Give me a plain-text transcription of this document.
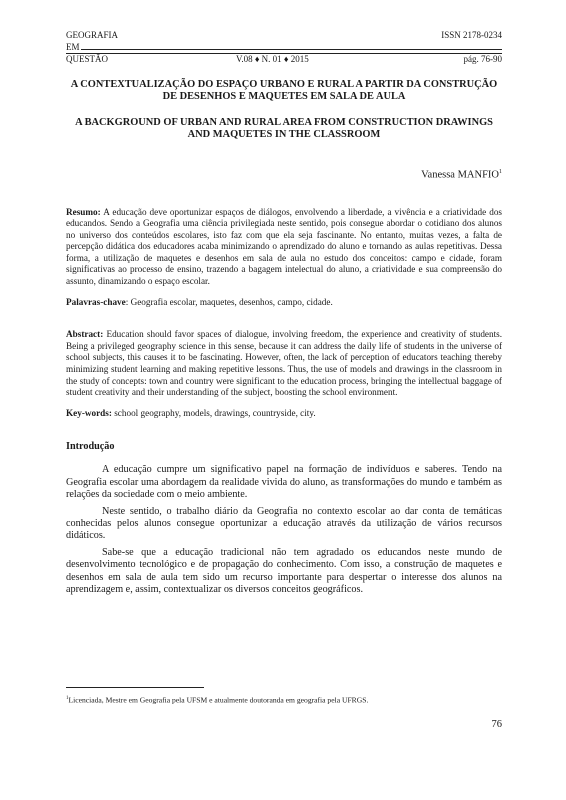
GEOGRAFIA	ISSN 2178-0234
EM
QUESTÃO	V.08 ♦ N. 01 ♦ 2015	pág. 76-90
A CONTEXTUALIZAÇÃO DO ESPAÇO URBANO E RURAL A PARTIR DA CONSTRUÇÃO DE DESENHOS E MAQUETES EM SALA DE AULA
A BACKGROUND OF URBAN AND RURAL AREA FROM CONSTRUCTION DRAWINGS AND MAQUETES IN THE CLASSROOM
Vanessa MANFIO$^1$
Resumo: A educação deve oportunizar espaços de diálogos, envolvendo a liberdade, a vivência e a criatividade dos educandos. Sendo a Geografia uma ciência privilegiada neste sentido, pois consegue abordar o cotidiano dos alunos no universo dos conteúdos escolares, isto faz com que ela seja fascinante. No entanto, muitas vezes, a falta de percepção didática dos educadores acaba minimizando o aprendizado do aluno e tornando as aulas repetitivas. Dessa forma, a utilização de maquetes e desenhos em sala de aula no estudo dos conceitos: campo e cidade, foram significativas ao processo de ensino, trazendo a bagagem intelectual do aluno, a criatividade e sua compreensão do assunto, dinamizando o espaço escolar.
Palavras-chave: Geografia escolar, maquetes, desenhos, campo, cidade.
Abstract: Education should favor spaces of dialogue, involving freedom, the experience and creativity of students. Being a privileged geography science in this sense, because it can address the daily life of students in the universe of school subjects, this causes it to be fascinating. However, often, the lack of perception of educators teaching thereby minimizing student learning and making repetitive lessons. Thus, the use of models and drawings in the classroom in the study of concepts: town and country were significant to the education process, bringing the intellectual baggage of student creativity and their understanding of the subject, boosting the school environment.
Key-words: school geography, models, drawings, countryside, city.
Introdução

A educação cumpre um significativo papel na formação de indivíduos e saberes. Tendo na Geografia escolar uma abordagem da realidade vivida do aluno, as transformações do mundo e também as relações da sociedade com o meio ambiente.

Neste sentido, o trabalho diário da Geografia no contexto escolar ao dar conta de temáticas conhecidas pelos alunos consegue oportunizar a educação através da utilização de vários recursos didáticos.

Sabe-se que a educação tradicional não tem agradado os educandos neste mundo de desenvolvimento tecnológico e de propagação do conhecimento. Com isso, a construção de maquetes e desenhos em sala de aula tem sido um recurso importante para despertar o interesse dos alunos na aprendizagem e, assim, contextualizar os diversos conceitos geográficos.

$^1$Licenciada, Mestre em Geografia pela UFSM e atualmente doutoranda em geografia pela UFRGS.
76
